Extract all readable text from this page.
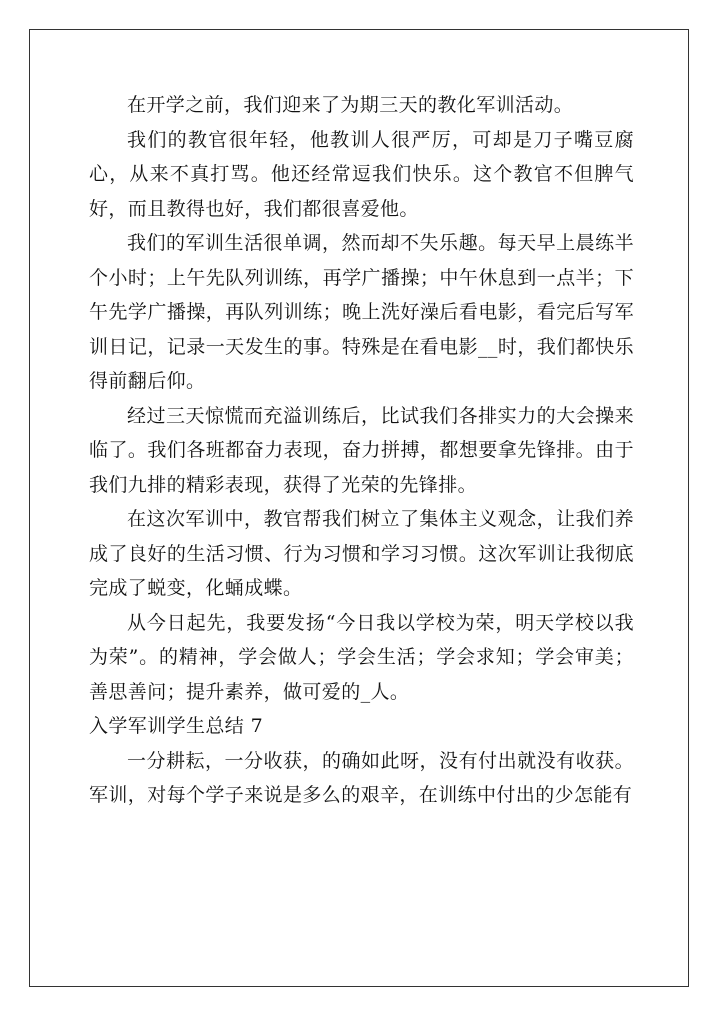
在开学之前，我们迎来了为期三天的教化军训活动。

我们的教官很年轻，他教训人很严厉，可却是刀子嘴豆腐心，从来不真打骂。他还经常逗我们快乐。这个教官不但脾气好，而且教得也好，我们都很喜爱他。

我们的军训生活很单调，然而却不失乐趣。每天早上晨练半个小时；上午先队列训练，再学广播操；中午休息到一点半；下午先学广播操，再队列训练；晚上洗好澡后看电影，看完后写军训日记，记录一天发生的事。特殊是在看电影__时，我们都快乐得前翻后仰。

经过三天惊慌而充溢训练后，比试我们各排实力的大会操来临了。我们各班都奋力表现，奋力拼搏，都想要拿先锋排。由于我们九排的精彩表现，获得了光荣的先锋排。

在这次军训中，教官帮我们树立了集体主义观念，让我们养成了良好的生活习惯、行为习惯和学习习惯。这次军训让我彻底完成了蜕变，化蛹成蝶。

从今日起先，我要发扬“今日我以学校为荣，明天学校以我为荣”。的精神，学会做人；学会生活；学会求知；学会审美；善思善问；提升素养，做可爱的_人。

入学军训学生总结 7

一分耕耘，一分收获，的确如此呀，没有付出就没有收获。军训，对每个学子来说是多么的艰辛，在训练中付出的少怎能有
